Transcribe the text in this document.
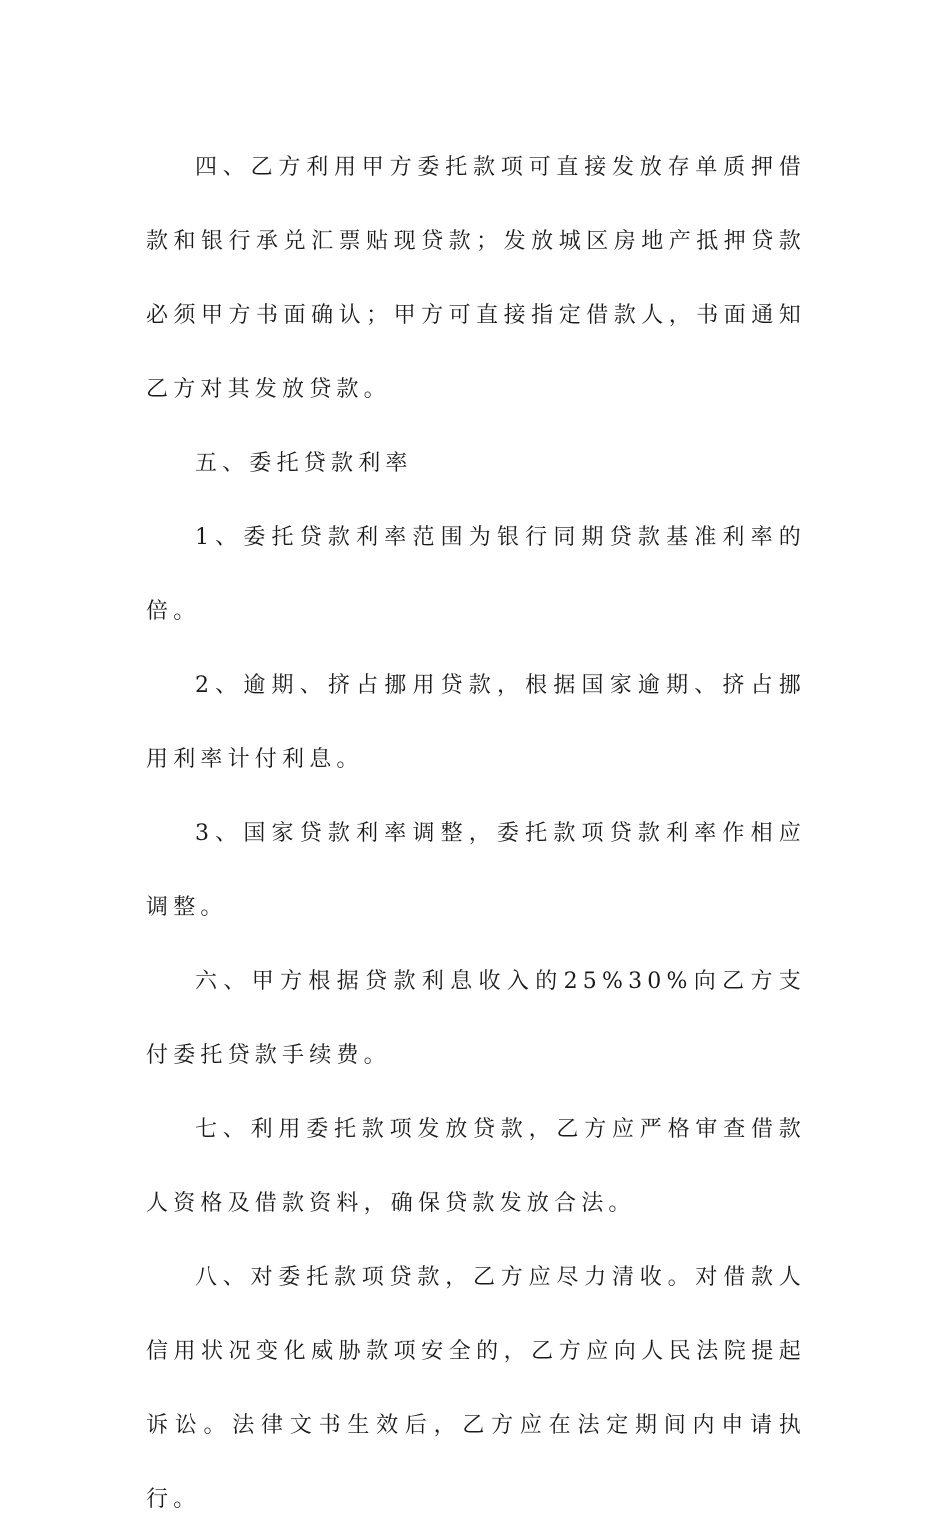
四、乙方利用甲方委托款项可直接发放存单质押借款和银行承兑汇票贴现贷款；发放城区房地产抵押贷款必须甲方书面确认；甲方可直接指定借款人，书面通知乙方对其发放贷款。

五、委托贷款利率

1、委托贷款利率范围为银行同期贷款基准利率的倍。

2、逾期、挤占挪用贷款，根据国家逾期、挤占挪用利率计付利息。

3、国家贷款利率调整，委托款项贷款利率作相应调整。

六、甲方根据贷款利息收入的25%30%向乙方支付委托贷款手续费。

七、利用委托款项发放贷款，乙方应严格审查借款人资格及借款资料，确保贷款发放合法。

八、对委托款项贷款，乙方应尽力清收。对借款人信用状况变化威胁款项安全的，乙方应向人民法院提起诉讼。法律文书生效后，乙方应在法定期间内申请执行。
